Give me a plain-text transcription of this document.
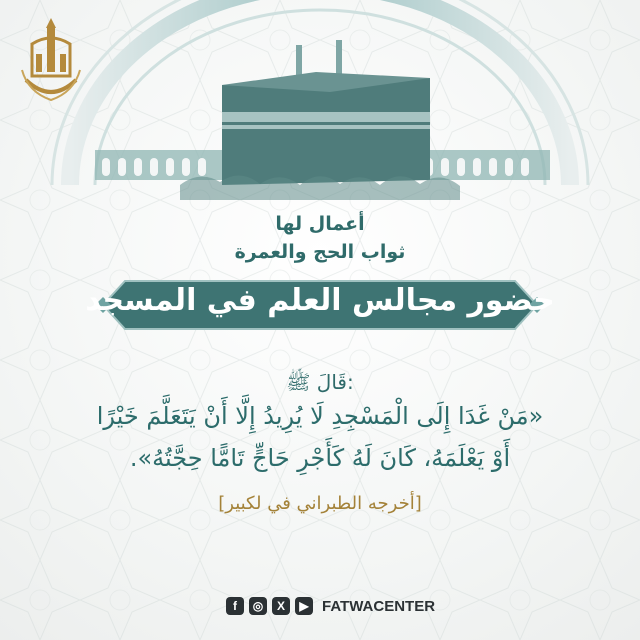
أعمال لها
ثواب الحج والعمرة
حضور مجالس العلم في المسجد
قَالَ ﷺ:
«مَنْ غَدَا إِلَى الْمَسْجِدِ لَا يُرِيدُ إِلَّا أَنْ يَتَعَلَّمَ خَيْرًا
أَوْ يَعْلَمَهُ، كَانَ لَهُ كَأَجْرِ حَاجٍّ تَامًّا حِجَّتُهُ».
[أخرجه الطبراني في لكبير]
f	◎	X	▶ FATWACENTER
